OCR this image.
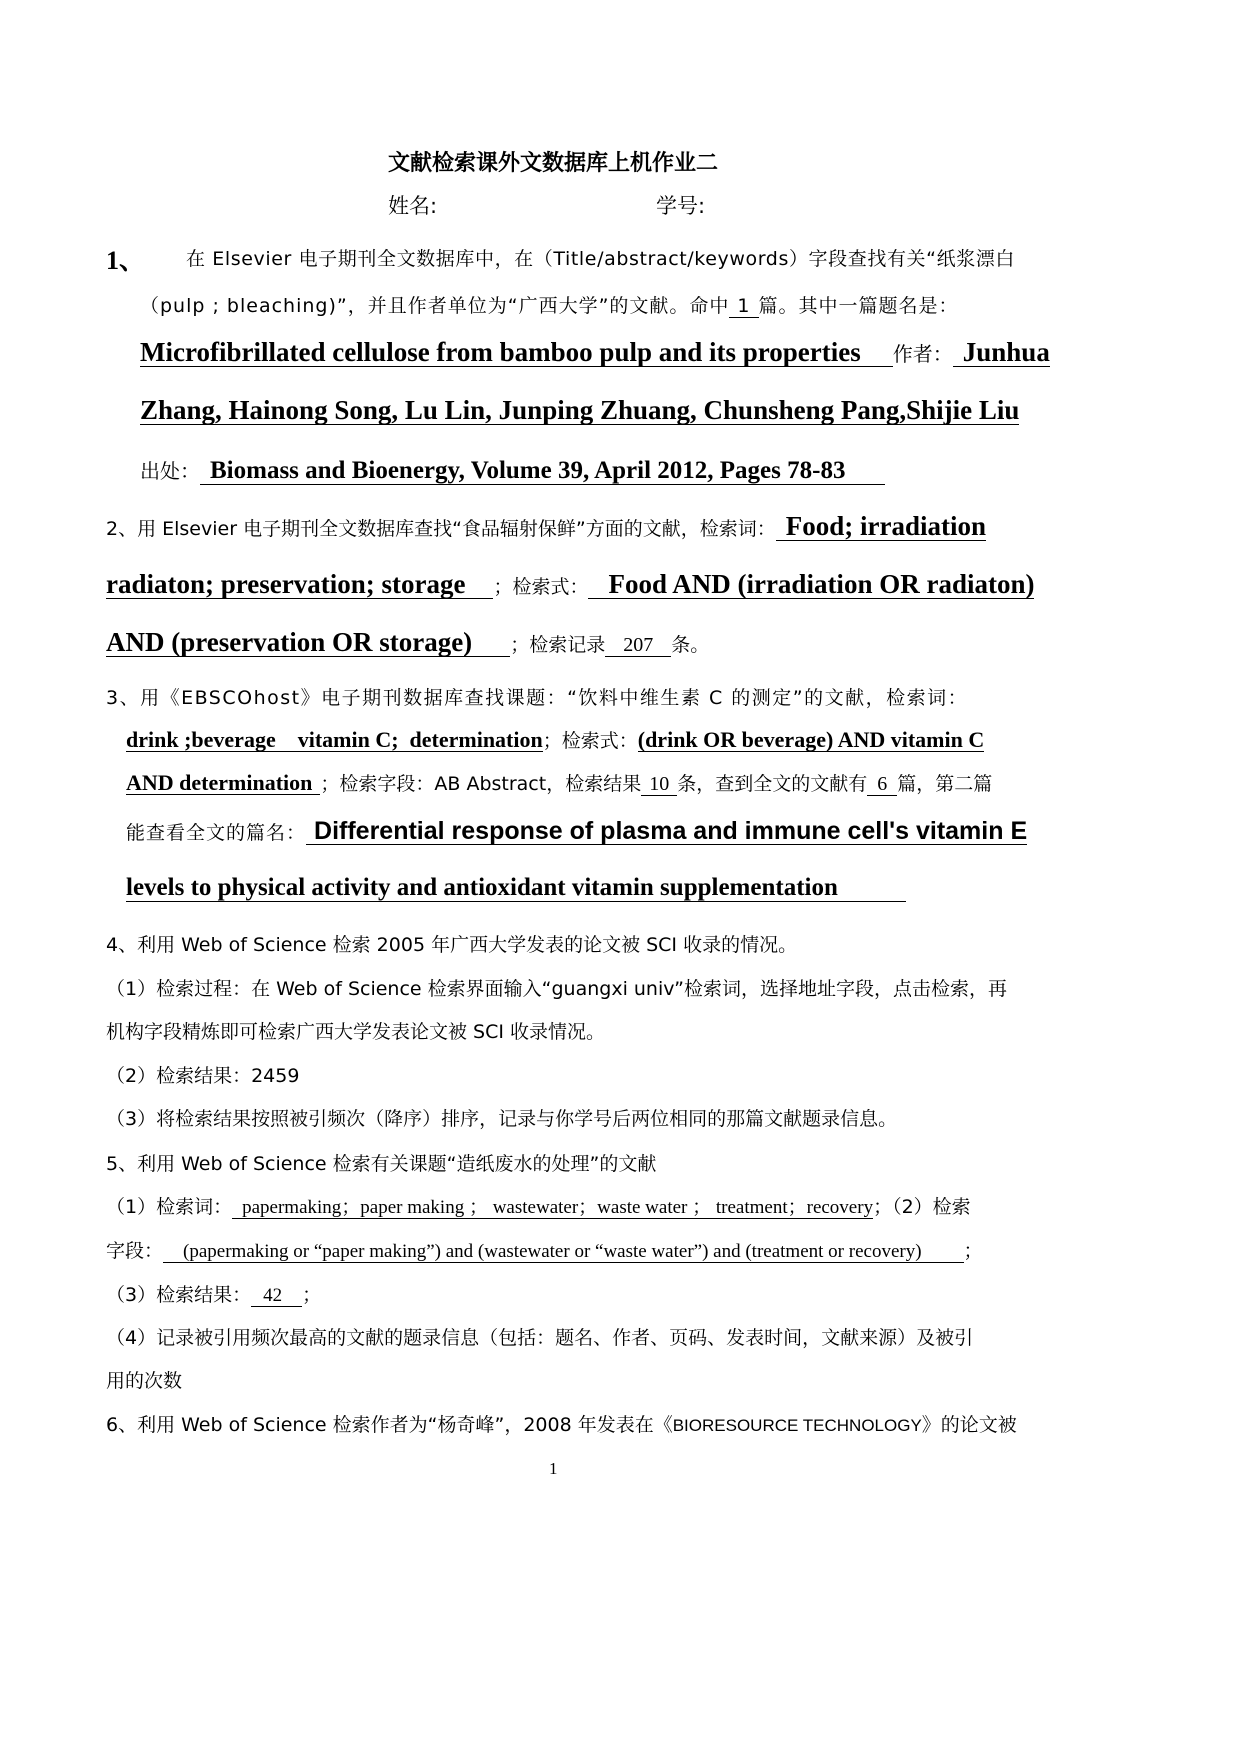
文献检索课外文数据库上机作业二
姓名:	学号:
1、 在 Elsevier 电子期刊全文数据库中，在（Title/abstract/keywords）字段查找有关“纸浆漂白
（pulp ; bleaching)”，并且作者单位为“广西大学”的文献。命中 1 篇。其中一篇题名是：
Microfibrillated cellulose from bamboo pulp and its properties 作者： Junhua
Zhang, Hainong Song, Lu Lin, Junping Zhuang, Chunsheng Pang,Shijie Liu
出处： Biomass and Bioenergy, Volume 39, April 2012, Pages 78-83
2、用 Elsevier 电子期刊全文数据库查找“食品辐射保鲜”方面的文献，检索词： Food; irradiation
radiaton; preservation; storage ；检索式： Food AND (irradiation OR radiaton)
AND (preservation OR storage) ；检索记录 207 条。
3、用《EBSCOhost》电子期刊数据库查找课题：“饮料中维生素 C 的测定”的文献，检索词：
drink ;beverage    vitamin C;  determination；检索式：(drink OR beverage) AND vitamin C
AND determination ；检索字段：AB Abstract，检索结果 10 条，查到全文的文献有 6 篇，第二篇
能查看全文的篇名： Differential response of plasma and immune cell's vitamin E
levels to physical activity and antioxidant vitamin supplementation
4、利用 Web of Science 检索 2005 年广西大学发表的论文被 SCI 收录的情况。
（1）检索过程：在 Web of Science 检索界面输入“guangxi univ”检索词，选择地址字段，点击检索，再
机构字段精炼即可检索广西大学发表论文被 SCI 收录情况。
（2）检索结果：2459
（3）将检索结果按照被引频次（降序）排序，记录与你学号后两位相同的那篇文献题录信息。
5、利用 Web of Science 检索有关课题“造纸废水的处理”的文献
（1）检索词： papermaking；paper making ； wastewater；waste water ； treatment；recovery；（2）检索
字段： (papermaking or “paper making”) and (wastewater or “waste water”) and (treatment or recovery) ；
（3）检索结果： 42 ；
（4）记录被引用频次最高的文献的题录信息（包括：题名、作者、页码、发表时间，文献来源）及被引
用的次数
6、利用 Web of Science 检索作者为“杨奇峰”，2008 年发表在《BIORESOURCE TECHNOLOGY》的论文被
1
